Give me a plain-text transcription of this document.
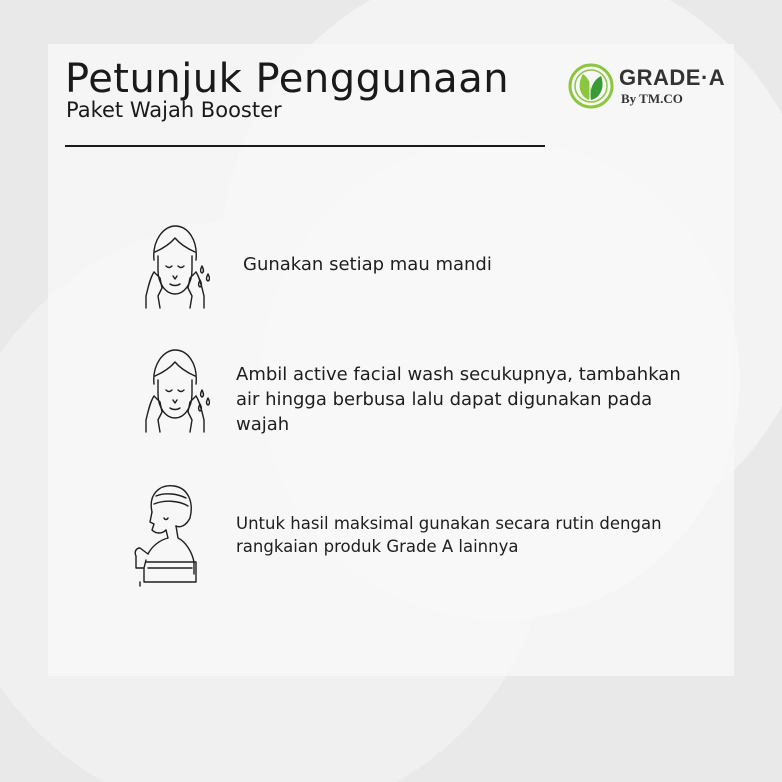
Petunjuk Penggunaan
Paket Wajah Booster
GRADE·A
By TM.CO
Gunakan setiap mau mandi
Ambil active facial wash secukupnya, tambahkan air hingga berbusa lalu dapat digunakan pada wajah
Untuk hasil maksimal gunakan secara rutin dengan rangkaian produk Grade A lainnya
